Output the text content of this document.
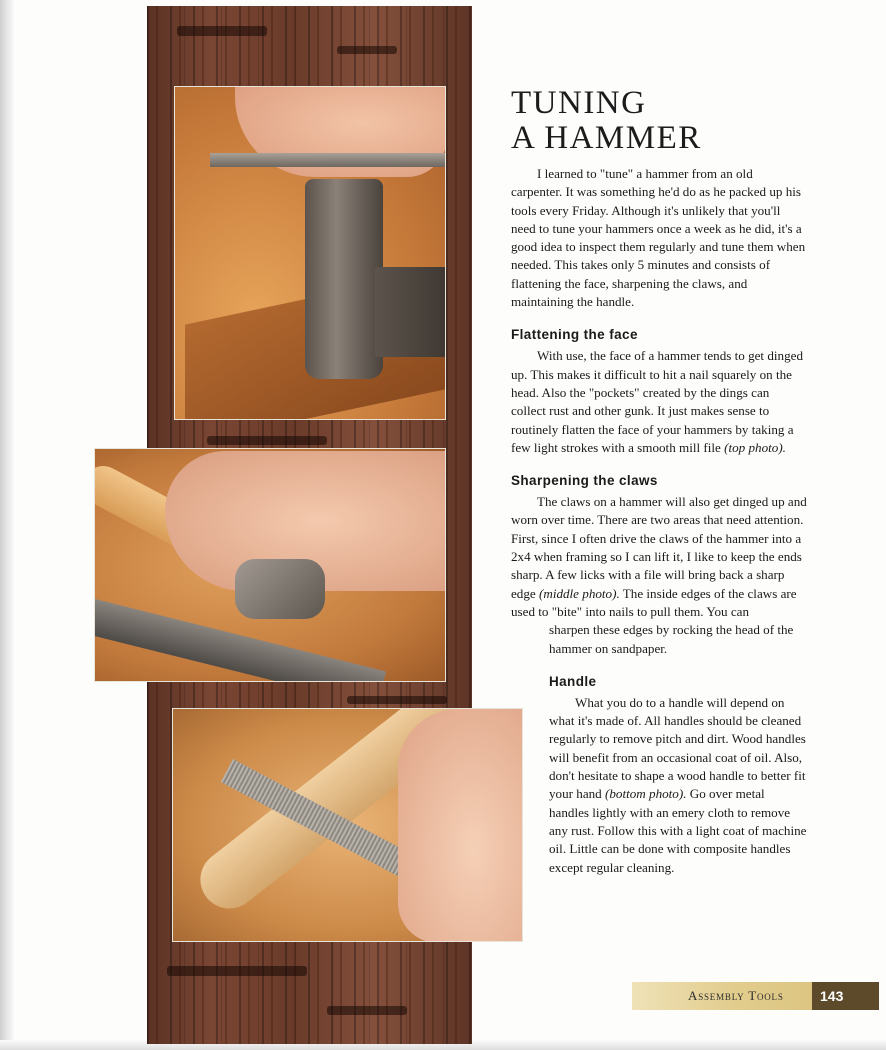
TUNING
A HAMMER

I learned to "tune" a hammer from an old carpenter. It was something he'd do as he packed up his tools every Friday. Although it's unlikely that you'll need to tune your hammers once a week as he did, it's a good idea to inspect them regularly and tune them when needed. This takes only 5 minutes and consists of flattening the face, sharpening the claws, and maintaining the handle.

Flattening the face

With use, the face of a hammer tends to get dinged up. This makes it difficult to hit a nail squarely on the head. Also the "pockets" created by the dings can collect rust and other gunk. It just makes sense to routinely flatten the face of your hammers by taking a few light strokes with a smooth mill file (top photo).

Sharpening the claws

The claws on a hammer will also get dinged up and worn over time. There are two areas that need attention. First, since I often drive the claws of the hammer into a 2x4 when framing so I can lift it, I like to keep the ends sharp. A few licks with a file will bring back a sharp edge (middle photo). The inside edges of the claws are used to "bite" into nails to pull them. You can

sharpen these edges by rocking the head of the hammer on sandpaper.

Handle

What you do to a handle will depend on what it's made of. All handles should be cleaned regularly to remove pitch and dirt. Wood handles will benefit from an occasional coat of oil. Also, don't hesitate to shape a wood handle to better fit your hand (bottom photo). Go over metal handles lightly with an emery cloth to remove any rust. Follow this with a light coat of machine oil. Little can be done with composite handles except regular cleaning.

Assembly Tools	143
